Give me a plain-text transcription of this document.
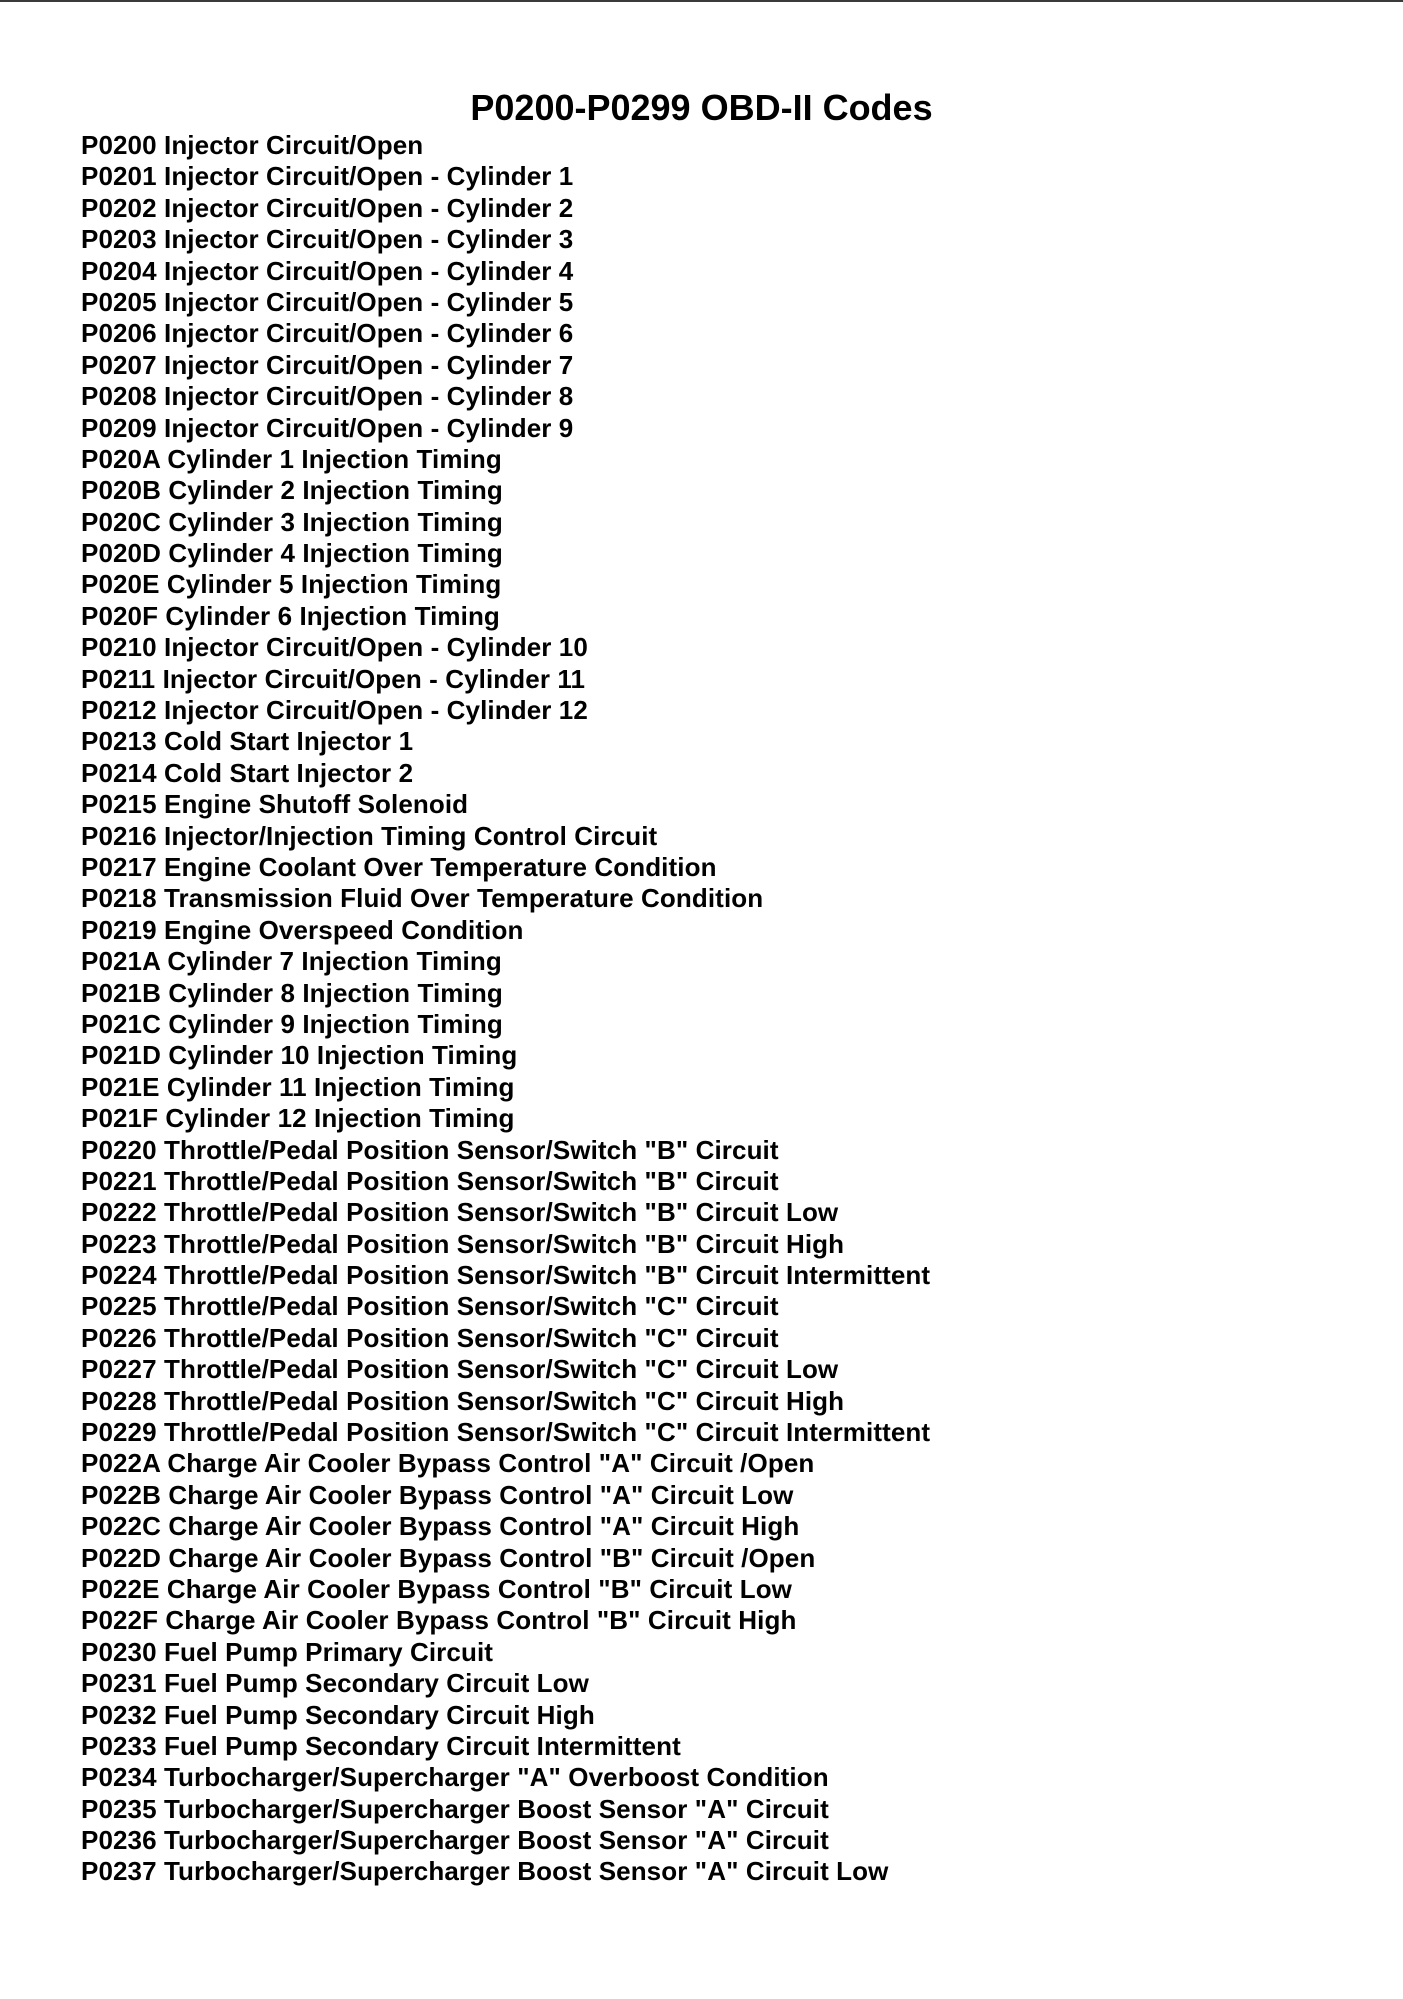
P0200-P0299 OBD-II Codes
P0200 Injector Circuit/Open
P0201 Injector Circuit/Open - Cylinder 1
P0202 Injector Circuit/Open - Cylinder 2
P0203 Injector Circuit/Open - Cylinder 3
P0204 Injector Circuit/Open - Cylinder 4
P0205 Injector Circuit/Open - Cylinder 5
P0206 Injector Circuit/Open - Cylinder 6
P0207 Injector Circuit/Open - Cylinder 7
P0208 Injector Circuit/Open - Cylinder 8
P0209 Injector Circuit/Open - Cylinder 9
P020A Cylinder 1 Injection Timing
P020B Cylinder 2 Injection Timing
P020C Cylinder 3 Injection Timing
P020D Cylinder 4 Injection Timing
P020E Cylinder 5 Injection Timing
P020F Cylinder 6 Injection Timing
P0210 Injector Circuit/Open - Cylinder 10
P0211 Injector Circuit/Open - Cylinder 11
P0212 Injector Circuit/Open - Cylinder 12
P0213 Cold Start Injector 1
P0214 Cold Start Injector 2
P0215 Engine Shutoff Solenoid
P0216 Injector/Injection Timing Control Circuit
P0217 Engine Coolant Over Temperature Condition
P0218 Transmission Fluid Over Temperature Condition
P0219 Engine Overspeed Condition
P021A Cylinder 7 Injection Timing
P021B Cylinder 8 Injection Timing
P021C Cylinder 9 Injection Timing
P021D Cylinder 10 Injection Timing
P021E Cylinder 11 Injection Timing
P021F Cylinder 12 Injection Timing
P0220 Throttle/Pedal Position Sensor/Switch "B" Circuit
P0221 Throttle/Pedal Position Sensor/Switch "B" Circuit
P0222 Throttle/Pedal Position Sensor/Switch "B" Circuit Low
P0223 Throttle/Pedal Position Sensor/Switch "B" Circuit High
P0224 Throttle/Pedal Position Sensor/Switch "B" Circuit Intermittent
P0225 Throttle/Pedal Position Sensor/Switch "C" Circuit
P0226 Throttle/Pedal Position Sensor/Switch "C" Circuit
P0227 Throttle/Pedal Position Sensor/Switch "C" Circuit Low
P0228 Throttle/Pedal Position Sensor/Switch "C" Circuit High
P0229 Throttle/Pedal Position Sensor/Switch "C" Circuit Intermittent
P022A Charge Air Cooler Bypass Control "A" Circuit /Open
P022B Charge Air Cooler Bypass Control "A" Circuit Low
P022C Charge Air Cooler Bypass Control "A" Circuit High
P022D Charge Air Cooler Bypass Control "B" Circuit /Open
P022E Charge Air Cooler Bypass Control "B" Circuit Low
P022F Charge Air Cooler Bypass Control "B" Circuit High
P0230 Fuel Pump Primary Circuit
P0231 Fuel Pump Secondary Circuit Low
P0232 Fuel Pump Secondary Circuit High
P0233 Fuel Pump Secondary Circuit Intermittent
P0234 Turbocharger/Supercharger "A" Overboost Condition
P0235 Turbocharger/Supercharger Boost Sensor "A" Circuit
P0236 Turbocharger/Supercharger Boost Sensor "A" Circuit
P0237 Turbocharger/Supercharger Boost Sensor "A" Circuit Low
